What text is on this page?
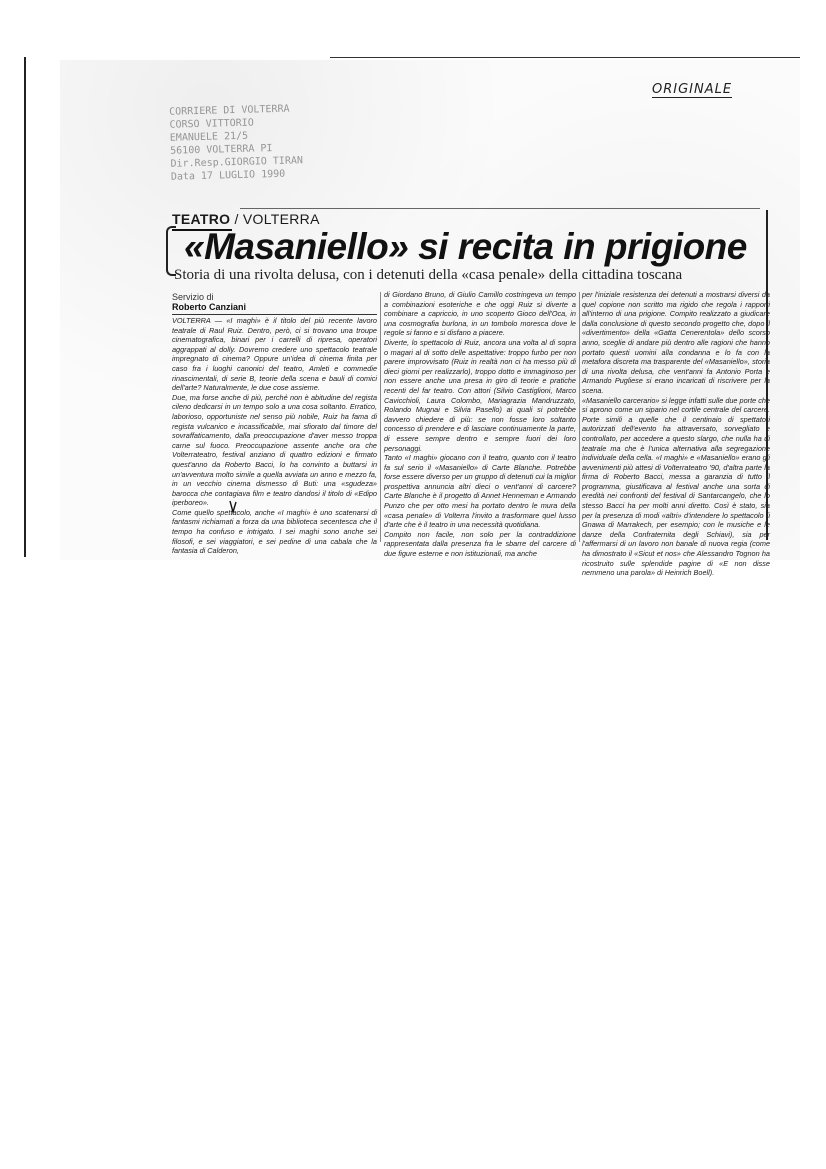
ORIGINALE
CORRIERE DI VOLTERRA
CORSO VITTORIO
EMANUELE 21/5
56100 VOLTERRA PI
Dir.Resp.GIORGIO TIRAN
Data 17 LUGLIO 1990
TEATRO / VOLTERRA
«Masaniello» si recita in prigione
Storia di una rivolta delusa, con i detenuti della «casa penale» della cittadina toscana
Servizio di
Roberto Canziani

VOLTERRA — «I maghi» è il titolo del più recente lavoro teatrale di Raul Ruiz. Dentro, però, ci si trovano una troupe cinematografica, binari per i carrelli di ripresa, operatori aggrappati al dolly. Dovremo credere uno spettacolo teatrale impregnato di cinema? Oppure un'idea di cinema finita per caso fra i luoghi canonici del teatro, Amleti e commedie rinascimentali, di serie B, teorie della scena e bauli di comici dell'arte? Naturalmente, le due cose assieme.

Due, ma forse anche di più, perché non è abitudine del regista cileno dedicarsi in un tempo solo a una cosa soltanto. Erratico, laborioso, opportuniste nel senso più nobile, Ruiz ha fama di regista vulcanico e incassificabile, mai sfiorato dal timore del sovraffaticamento, dalla preoccupazione d'aver messo troppa carne sul fuoco. Preoccupazione assente anche ora che Volterrateatro, festival anziano di quattro edizioni e firmato quest'anno da Roberto Bacci, lo ha convinto a buttarsi in un'avventura molto simile a quella avviata un anno e mezzo fa, in un vecchio cinema dismesso di Buti: una «sgudeza» barocca che contagiava film e teatro dandosi il titolo di «Edipo iperboreo».

Come quello spettacolo, anche «I maghi» è uno scatenarsi di fantasmi richiamati a forza da una biblioteca secentesca che il tempo ha confuso e intrigato. I sei maghi sono anche sei filosofi, e sei viaggiatori, e sei pedine di una cabala che la fantasia di Calderon,

di Giordano Bruno, di Giulio Camillo costringeva un tempo a combinazioni esoteriche e che oggi Ruiz si diverte a combinare a capriccio, in uno scoperto Gioco dell'Oca, in una cosmografia burlona, in un tombolo moresca dove le regole si fanno e si disfano a piacere.

Diverte, lo spettacolo di Ruiz, ancora una volta al di sopra o magari al di sotto delle aspettative: troppo furbo per non parere improvvisato (Ruiz in realtà non ci ha messo più di dieci giorni per realizzarlo), troppo dotto e immaginoso per non essere anche una presa in giro di teorie e pratiche recenti del far teatro. Con attori (Silvio Castiglioni, Marco Cavicchioli, Laura Colombo, Mariagrazia Mandruzzato, Rolando Mugnai e Silvia Pasello) ai quali si potrebbe davvero chiedere di più: se non fosse loro soltanto concesso di prendere e di lasciare continuamente la parte, di essere sempre dentro e sempre fuori dei loro personaggi.

Tanto «I maghi» giocano con il teatro, quanto con il teatro fa sul serio il «Masaniello» di Carte Blanche. Potrebbe forse essere diverso per un gruppo di detenuti cui la miglior prospettiva annuncia altri dieci o vent'anni di carcere? Carte Blanche è il progetto di Annet Henneman e Armando Punzo che per otto mesi ha portato dentro le mura della «casa penale» di Volterra l'invito a trasformare quel lusso d'arte che è il teatro in una necessità quotidiana.

Compito non facile, non solo per la contraddizione rappresentata dalla presenza fra le sbarre del carcere di due figure esterne e non istituzionali, ma anche

per l'iniziale resistenza dei detenuti a mostrarsi diversi da quel copione non scritto ma rigido che regola i rapporti all'interno di una prigione. Compito realizzato a giudicare dalla conclusione di questo secondo progetto che, dopo il «divertimento» della «Gatta Cenerentola» dello scorso anno, sceglie di andare più dentro alle ragioni che hanno portato questi uomini alla condanna e lo fa con la metafora discreta ma trasparente del «Masaniello», storia di una rivolta delusa, che vent'anni fa Antonio Porta e Armando Pugliese si erano incaricati di riscrivere per la scena.

«Masaniello carcerario» si legge infatti sulle due porte che si aprono come un sipario nel cortile centrale del carcere. Porte simili a quelle che il centinaio di spettatori autorizzati dell'evento ha attraversato, sorvegliato e controllato, per accedere a questo slargo, che nulla ha di teatrale ma che è l'unica alternativa alla segregazione individuale della cella. «I maghi» e «Masaniello» erano gli avvenimenti più attesi di Volterrateatro '90, d'altra parte la firma di Roberto Bacci, messa a garanzia di tutto il programma, giustificava al festival anche una sorta di eredità nei confronti del festival di Santarcangelo, che lo stesso Bacci ha per molti anni diretto. Così è stato, sia per la presenza di modi «altri» d'intendere lo spettacolo (i Gnawa di Marrakech, per esempio; con le musiche e le danze della Confraternita degli Schiavi), sia per l'affermarsi di un lavoro non banale di nuova regia (come ha dimostrato il «Sicut et nos» che Alessandro Tognon ha ricostruito sulle splendide pagine di «E non disse nemmeno una parola» di Heinrich Boell).
